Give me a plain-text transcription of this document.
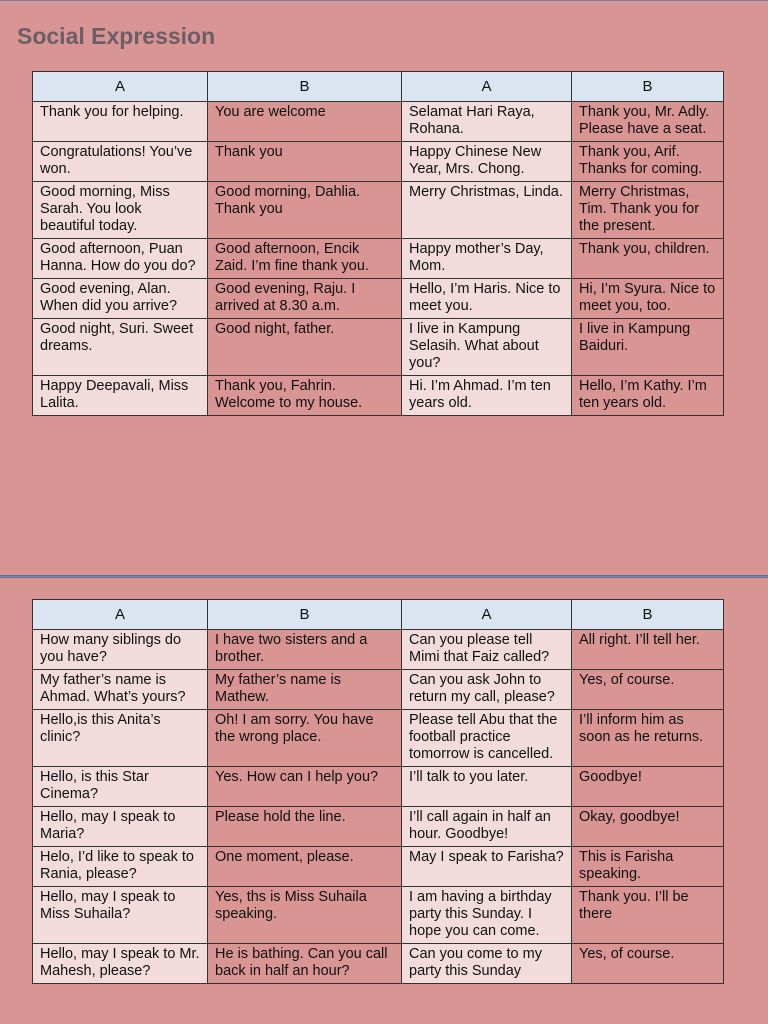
Social Expression
A	B	A	B
Thank you for helping.	You are welcome	Selamat Hari Raya, Rohana.	Thank you, Mr. Adly. Please have a seat.
Congratulations! You’ve won.	Thank you	Happy Chinese New Year, Mrs. Chong.	Thank you, Arif. Thanks for coming.
Good morning, Miss Sarah. You look beautiful today.	Good morning, Dahlia. Thank you	Merry Christmas, Linda.	Merry Christmas, Tim. Thank you for the present.
Good afternoon, Puan Hanna. How do you do?	Good afternoon, Encik Zaid. I’m fine thank you.	Happy mother’s Day, Mom.	Thank you, children.
Good evening, Alan. When did you arrive?	Good evening, Raju. I arrived at 8.30 a.m.	Hello, I’m Haris. Nice to meet you.	Hi, I’m Syura. Nice to meet you, too.
Good night, Suri. Sweet dreams.	Good night, father.	I live in Kampung Selasih. What about you?	I live in Kampung Baiduri.
Happy Deepavali, Miss Lalita.	Thank you, Fahrin. Welcome to my house.	Hi. I’m Ahmad. I’m ten years old.	Hello, I’m Kathy. I’m ten years old.
A	B	A	B
How many siblings do you have?	I have two sisters and a brother.	Can you please tell Mimi that Faiz called?	All right. I’ll tell her.
My father’s name is Ahmad. What’s yours?	My father’s name is Mathew.	Can you ask John to return my call, please?	Yes, of course.
Hello,is this Anita’s clinic?	Oh! I am sorry. You have the wrong place.	Please tell Abu that the football practice tomorrow is cancelled.	I’ll inform him as soon as he returns.
Hello, is this Star Cinema?	Yes. How can I help you?	I’ll talk to you later.	Goodbye!
Hello, may I speak to Maria?	Please hold the line.	I’ll call again in half an hour. Goodbye!	Okay, goodbye!
Helo, I’d like to speak to Rania, please?	One moment, please.	May I speak to Farisha?	This is Farisha speaking.
Hello, may I speak to Miss Suhaila?	Yes, ths is Miss Suhaila speaking.	I am having a birthday party this Sunday. I hope you can come.	Thank you. I’ll be there
Hello, may I speak to Mr. Mahesh, please?	He is bathing. Can you call back in half an hour?	Can you come to my party this Sunday	Yes, of course.
